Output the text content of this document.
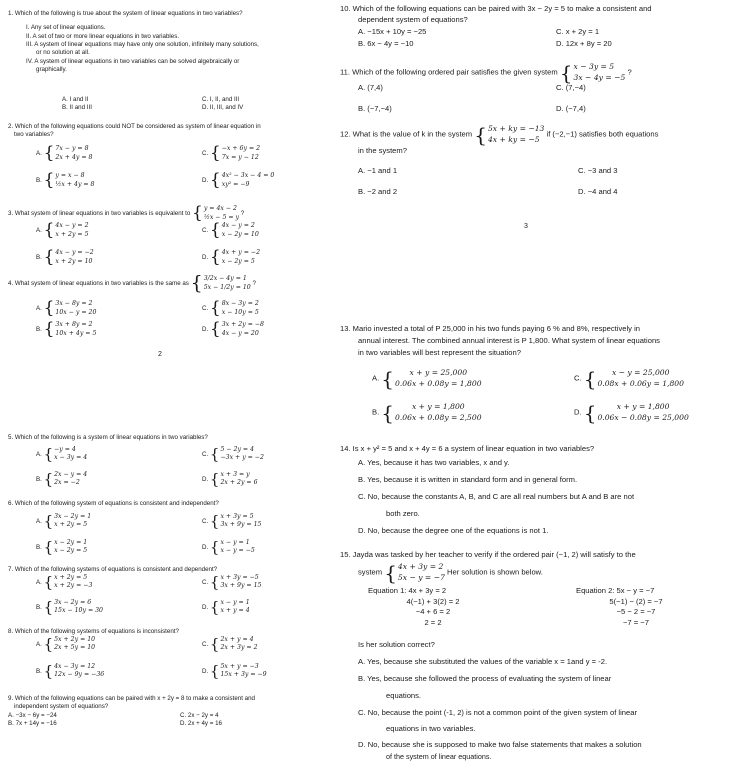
1. Which of the following is true about the system of linear equations in two variables?
I. Any set of linear equations.
II. A set of two or more linear equations in two variables.
III. A system of linear equations may have only one solution, infinitely many solutions,
or no solution at all.
IV. A system of linear equations in two variables can be solved algebraically or
graphically.
A. I and II
B. II and III
C. I, II, and III
D. II, III, and IV
2. Which of the following equations could NOT be considered as system of linear equation in
two variables?
A. { 7x − y = 8
2x + 4y = 8
B. { y = x − 8
½x + 4y = 8
C. { −x + 6y = 2
7x = y − 12
D. { 4x² − 3x − 4 = 0
xy² = −9
3. What system of linear equations in two variables is equivalent to { y = 4x − 2
½x − 5 = y ?
A. { 4x − y = 2
x + 2y = 5
B. { 4x − y = −2
x + 2y = 10
C. { 4x − y = 2
x − 2y = 10
D. { 4x + y = −2
x − 2y = 5
4. What system of linear equations in two variables is the same as { 3/2x − 4y = 1
5x − 1/2y = 10 ?
A. { 3x − 8y = 2
10x − y = 20
B. { 3x + 8y = 2
10x + 4y = 5
C. { 8x − 3y = 2
x − 10y = 5
D. { 3x + 2y = −8
4x − y = 20
2
5. Which of the following is a system of linear equations in two variables?
A. { −y = 4
x − 3y = 4
B. { 2x − y = 4
2x = −2
C. { 5 − 2y = 4
−3x + y = −2
D. { x + 3 = y
2x + 2y = 6
6. Which of the following system of equations is consistent and independent?
A. { 3x − 2y = 1
x + 2y = 5
B. { x − 2y = 1
x − 2y = 5
C. { x + 3y = 5
3x + 9y = 15
D. { x − y = 1
x − y = −5
7. Which of the following systems of equations is consistent and dependent?
A. { x + 2y = 5
x + 2y = −3
B. { 3x − 2y = 6
15x − 10y = 30
C. { x + 3y = −5
3x + 9y = 15
D. { x − y = 1
x + y = 4
8. Which of the following systems of equations is inconsistent?
A. { 5x + 2y = 10
2x + 5y = 10
B. { 4x − 3y = 12
12x − 9y = −36
C. { 2x + y = 4
2x + 3y = 2
D. { 5x + y = −3
15x + 3y = −9
9. Which of the following equations can be paired with x + 2y = 8 to make a consistent and
independent system of equations?
A. −3x − 6y = −24
B. 7x + 14y = −16
C. 2x − 2y = 4
D. 2x + 4y = 16
10. Which of the following equations can be paired with 3x − 2y = 5 to make a consistent and
dependent system of equations?
A. −15x + 10y = −25
B. 6x − 4y = −10
C. x + 2y = 1
D. 12x + 8y = 20
11. Which of the following ordered pair satisfies the given system { x − 3y = 5
3x − 4y = −5
?
A. (7,4)
B. (−7,−4)
C. (7,−4)
D. (−7,4)
12. What is the value of k in the system { 5x + ky = −13
4x + ky = −5
if (−2,−1) satisfies both equations
in the system?
A. −1 and 1
B. −2 and 2
C. −3 and 3
D. −4 and 4
3
13. Mario invested a total of P 25,000 in his two funds paying 6 % and 8%, respectively in
annual interest. The combined annual interest is P 1,800. What system of linear equations
in two variables will best represent the situation?
A. {	x + y = 25,000
0.06x + 0.08y = 1,800
B. {	x + y = 1,800
0.06x + 0.08y = 2,500
C. {	x − y = 25,000
0.08x + 0.06y = 1,800
D. {	x + y = 1,800
0.06x − 0.08y = 25,000
14. Is x + y² = 5 and x + 4y = 6 a system of linear equation in two variables?
A. Yes, because it has two variables, x and y.
B. Yes, because it is written in standard form and in general form.
C. No, because the constants A, B, and C are all real numbers but A and B are not
both zero.
D. No, because the degree one of the equations is not 1.
15. Jayda was tasked by her teacher to verify if the ordered pair (−1, 2) will satisfy to the
system { 4x + 3y = 2
5x − y = −7
Her solution is shown below.
Equation 1: 4x + 3y = 2
4(−1) + 3(2) = 2
−4 + 6 = 2
2 = 2
Equation 2: 5x − y = −7
5(−1) − (2) = −7
−5 − 2 = −7
−7 = −7
Is her solution correct?
A. Yes, because she substituted the values of the variable x = 1and y = -2.
B. Yes, because she followed the process of evaluating the system of linear
equations.
C. No, because the point (-1, 2) is not a common point of the given system of linear
equations in two variables.
D. No, because she is supposed to make two false statements that makes a solution
of the system of linear equations.
